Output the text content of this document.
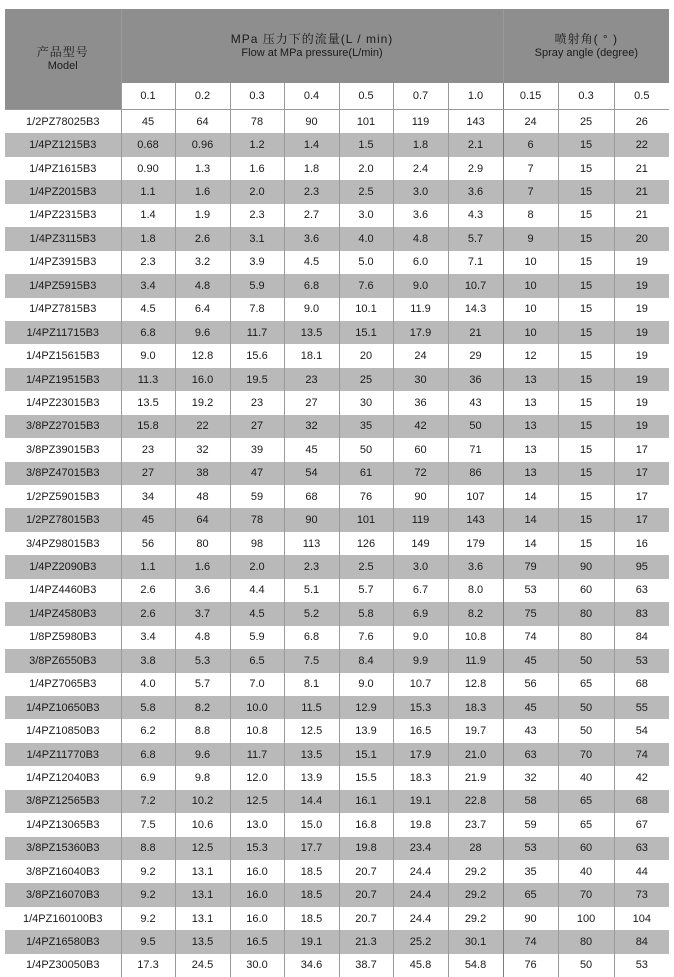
产品型号
Model	MPa 压力下的流量(L / min)
Flow at MPa pressure(L/min)							喷射角( ° )
Spray angle (degree)		

	0.1	0.2	0.3	0.4	0.5	0.7	1.0	0.15	0.3	0.5
1/2PZ78025B3	45	64	78	90	101	119	143	24	25	26
1/4PZ1215B3	0.68	0.96	1.2	1.4	1.5	1.8	2.1	6	15	22
1/4PZ1615B3	0.90	1.3	1.6	1.8	2.0	2.4	2.9	7	15	21
1/4PZ2015B3	1.1	1.6	2.0	2.3	2.5	3.0	3.6	7	15	21
1/4PZ2315B3	1.4	1.9	2.3	2.7	3.0	3.6	4.3	8	15	21
1/4PZ3115B3	1.8	2.6	3.1	3.6	4.0	4.8	5.7	9	15	20
1/4PZ3915B3	2.3	3.2	3.9	4.5	5.0	6.0	7.1	10	15	19
1/4PZ5915B3	3.4	4.8	5.9	6.8	7.6	9.0	10.7	10	15	19
1/4PZ7815B3	4.5	6.4	7.8	9.0	10.1	11.9	14.3	10	15	19
1/4PZ11715B3	6.8	9.6	11.7	13.5	15.1	17.9	21	10	15	19
1/4PZ15615B3	9.0	12.8	15.6	18.1	20	24	29	12	15	19
1/4PZ19515B3	11.3	16.0	19.5	23	25	30	36	13	15	19
1/4PZ23015B3	13.5	19.2	23	27	30	36	43	13	15	19
3/8PZ27015B3	15.8	22	27	32	35	42	50	13	15	19
3/8PZ39015B3	23	32	39	45	50	60	71	13	15	17
3/8PZ47015B3	27	38	47	54	61	72	86	13	15	17
1/2PZ59015B3	34	48	59	68	76	90	107	14	15	17
1/2PZ78015B3	45	64	78	90	101	119	143	14	15	17
3/4PZ98015B3	56	80	98	113	126	149	179	14	15	16
1/4PZ2090B3	1.1	1.6	2.0	2.3	2.5	3.0	3.6	79	90	95
1/4PZ4460B3	2.6	3.6	4.4	5.1	5.7	6.7	8.0	53	60	63
1/4PZ4580B3	2.6	3.7	4.5	5.2	5.8	6.9	8.2	75	80	83
1/8PZ5980B3	3.4	4.8	5.9	6.8	7.6	9.0	10.8	74	80	84
3/8PZ6550B3	3.8	5.3	6.5	7.5	8.4	9.9	11.9	45	50	53
1/4PZ7065B3	4.0	5.7	7.0	8.1	9.0	10.7	12.8	56	65	68
1/4PZ10650B3	5.8	8.2	10.0	11.5	12.9	15.3	18.3	45	50	55
1/4PZ10850B3	6.2	8.8	10.8	12.5	13.9	16.5	19.7	43	50	54
1/4PZ11770B3	6.8	9.6	11.7	13.5	15.1	17.9	21.0	63	70	74
1/4PZ12040B3	6.9	9.8	12.0	13.9	15.5	18.3	21.9	32	40	42
3/8PZ12565B3	7.2	10.2	12.5	14.4	16.1	19.1	22.8	58	65	68
1/4PZ13065B3	7.5	10.6	13.0	15.0	16.8	19.8	23.7	59	65	67
3/8PZ15360B3	8.8	12.5	15.3	17.7	19.8	23.4	28	53	60	63
3/8PZ16040B3	9.2	13.1	16.0	18.5	20.7	24.4	29.2	35	40	44
3/8PZ16070B3	9.2	13.1	16.0	18.5	20.7	24.4	29.2	65	70	73
1/4PZ160100B3	9.2	13.1	16.0	18.5	20.7	24.4	29.2	90	100	104
1/4PZ16580B3	9.5	13.5	16.5	19.1	21.3	25.2	30.1	74	80	84
1/4PZ30050B3	17.3	24.5	30.0	34.6	38.7	45.8	54.8	76	50	53
